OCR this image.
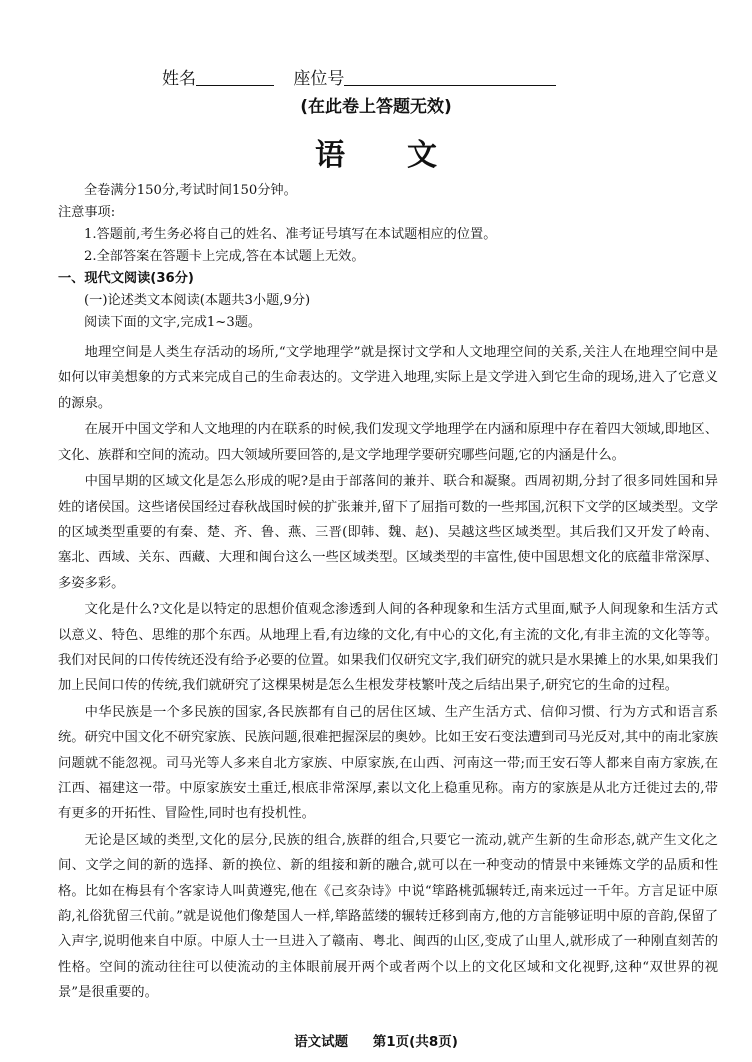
姓名	座位号
(在此卷上答题无效)
语文
全卷满分150分,考试时间150分钟。
注意事项:
1.答题前,考生务必将自己的姓名、准考证号填写在本试题相应的位置。
2.全部答案在答题卡上完成,答在本试题上无效。
一、现代文阅读(36分)
(一)论述类文本阅读(本题共3小题,9分)
阅读下面的文字,完成1~3题。

地理空间是人类生存活动的场所,“文学地理学”就是探讨文学和人文地理空间的关系,关注人在地理空间中是如何以审美想象的方式来完成自己的生命表达的。文学进入地理,实际上是文学进入到它生命的现场,进入了它意义的源泉。

在展开中国文学和人文地理的内在联系的时候,我们发现文学地理学在内涵和原理中存在着四大领域,即地区、文化、族群和空间的流动。四大领域所要回答的,是文学地理学要研究哪些问题,它的内涵是什么。

中国早期的区域文化是怎么形成的呢?是由于部落间的兼并、联合和凝聚。西周初期,分封了很多同姓国和异姓的诸侯国。这些诸侯国经过春秋战国时候的扩张兼并,留下了屈指可数的一些邦国,沉积下文学的区域类型。文学的区域类型重要的有秦、楚、齐、鲁、燕、三晋(即韩、魏、赵)、吴越这些区域类型。其后我们又开发了岭南、塞北、西域、关东、西藏、大理和闽台这么一些区域类型。区域类型的丰富性,使中国思想文化的底蕴非常深厚、多姿多彩。

文化是什么?文化是以特定的思想价值观念渗透到人间的各种现象和生活方式里面,赋予人间现象和生活方式以意义、特色、思维的那个东西。从地理上看,有边缘的文化,有中心的文化,有主流的文化,有非主流的文化等等。我们对民间的口传传统还没有给予必要的位置。如果我们仅研究文字,我们研究的就只是水果摊上的水果,如果我们加上民间口传的传统,我们就研究了这棵果树是怎么生根发芽枝繁叶茂之后结出果子,研究它的生命的过程。

中华民族是一个多民族的国家,各民族都有自己的居住区域、生产生活方式、信仰习惯、行为方式和语言系统。研究中国文化不研究家族、民族问题,很难把握深层的奥妙。比如王安石变法遭到司马光反对,其中的南北家族问题就不能忽视。司马光等人多来自北方家族、中原家族,在山西、河南这一带;而王安石等人都来自南方家族,在江西、福建这一带。中原家族安土重迁,根底非常深厚,素以文化上稳重见称。南方的家族是从北方迁徙过去的,带有更多的开拓性、冒险性,同时也有投机性。

无论是区域的类型,文化的层分,民族的组合,族群的组合,只要它一流动,就产生新的生命形态,就产生文化之间、文学之间的新的选择、新的换位、新的组接和新的融合,就可以在一种变动的情景中来锤炼文学的品质和性格。比如在梅县有个客家诗人叫黄遵宪,他在《己亥杂诗》中说“筚路桃弧辗转迁,南来远过一千年。方言足证中原韵,礼俗犹留三代前。”就是说他们像楚国人一样,筚路蓝缕的辗转迁移到南方,他的方言能够证明中原的音韵,保留了入声字,说明他来自中原。中原人士一旦进入了赣南、粤北、闽西的山区,变成了山里人,就形成了一种刚直刻苦的性格。空间的流动往往可以使流动的主体眼前展开两个或者两个以上的文化区域和文化视野,这种“双世界的视景”是很重要的。

语文试题 第1页(共8页)
